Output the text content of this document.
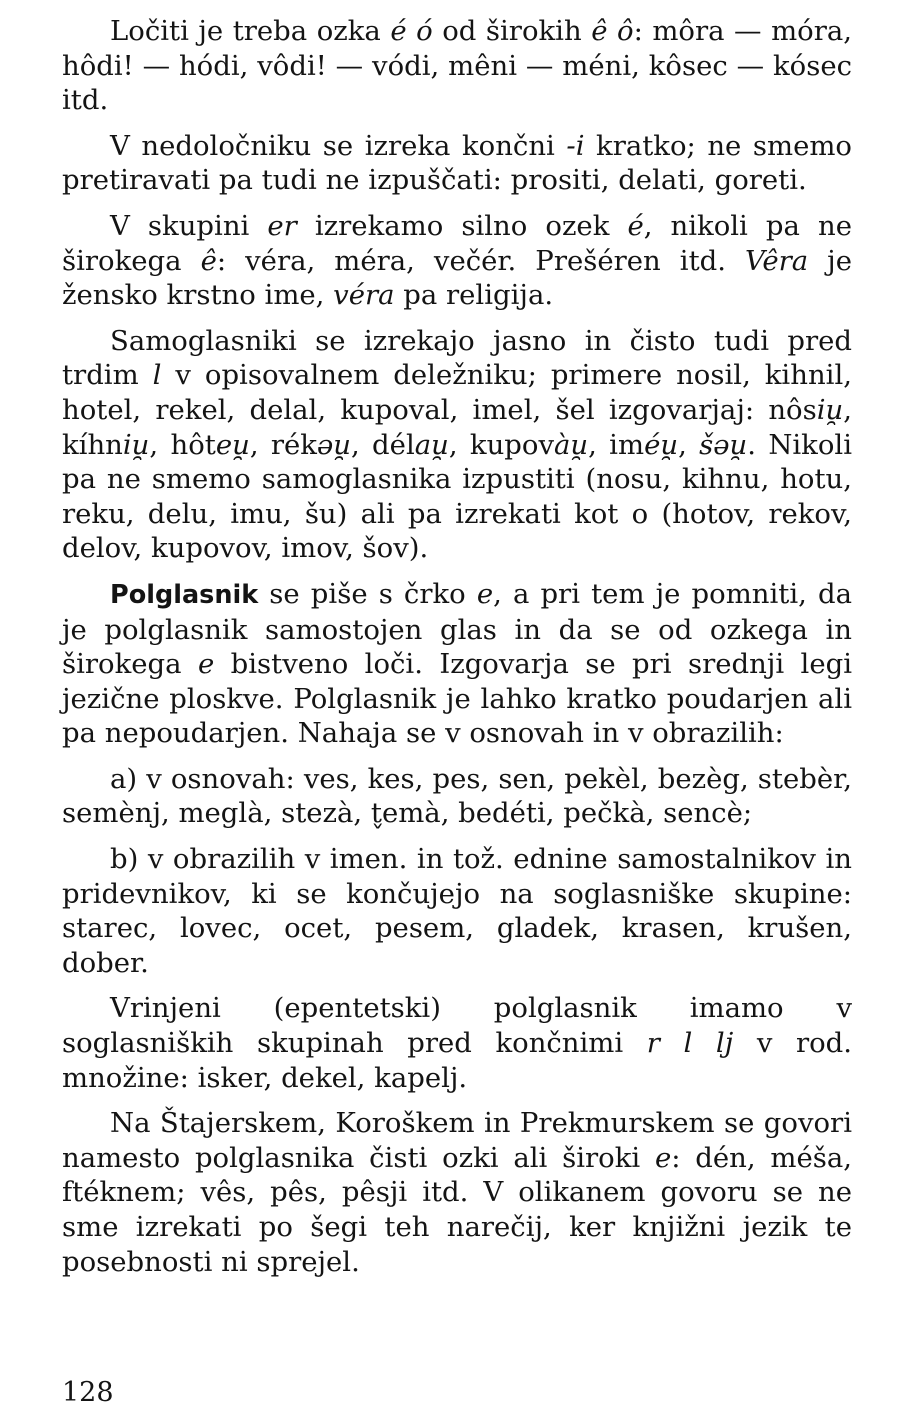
Ločiti je treba ozka é ó od širokih ê ô: môra — móra, hôdi! — hódi, vôdi! — vódi, mêni — méni, kôsec — kósec itd.

V nedoločniku se izreka končni -i kratko; ne smemo pretiravati pa tudi ne izpuščati: prositi, delati, goreti.

V skupini er izrekamo silno ozek é, nikoli pa ne širokega ê: véra, méra, večér. Prešéren itd. Vêra je žensko krstno ime, véra pa religija.

Samoglasniki se izrekajo jasno in čisto tudi pred trdim l v opisovalnem deležniku; primere nosil, kihnil, hotel, rekel, delal, kupoval, imel, šel izgovarjaj: nôsiu̯, kíhniu̯, hôteu̯, rékəu̯, délau̯, kupovàu̯, iméu̯, šəu̯. Nikoli pa ne smemo samoglasnika izpustiti (nosu, kihnu, hotu, reku, delu, imu, šu) ali pa izrekati kot o (hotov, rekov, delov, kupovov, imov, šov).

Polglasnik se piše s črko e, a pri tem je pomniti, da je polglasnik samostojen glas in da se od ozkega in širokega e bistveno loči. Izgovarja se pri srednji legi jezične ploskve. Polglasnik je lahko kratko poudarjen ali pa nepoudarjen. Nahaja se v osnovah in v obrazilih:

a) v osnovah: ves, kes, pes, sen, pekèl, bezèg, stebèr, semènj, meglà, stezà, t̬emà, bedéti, pečkà, sencè;

b) v obrazilih v imen. in tož. ednine samostalnikov in pridevnikov, ki se končujejo na soglasniške skupine: starec, lovec, ocet, pesem, gladek, krasen, krušen, dober.

Vrinjeni (epentetski) polglasnik imamo v soglasniških skupinah pred končnimi r l lj v rod. množine: isker, dekel, kapelj.

Na Štajerskem, Koroškem in Prekmurskem se govori namesto polglasnika čisti ozki ali široki e: dén, méša, ftéknem; vês, pês, pêsji itd. V olikanem govoru se ne sme izrekati po šegi teh narečij, ker knjižni jezik te posebnosti ni sprejel.

128
